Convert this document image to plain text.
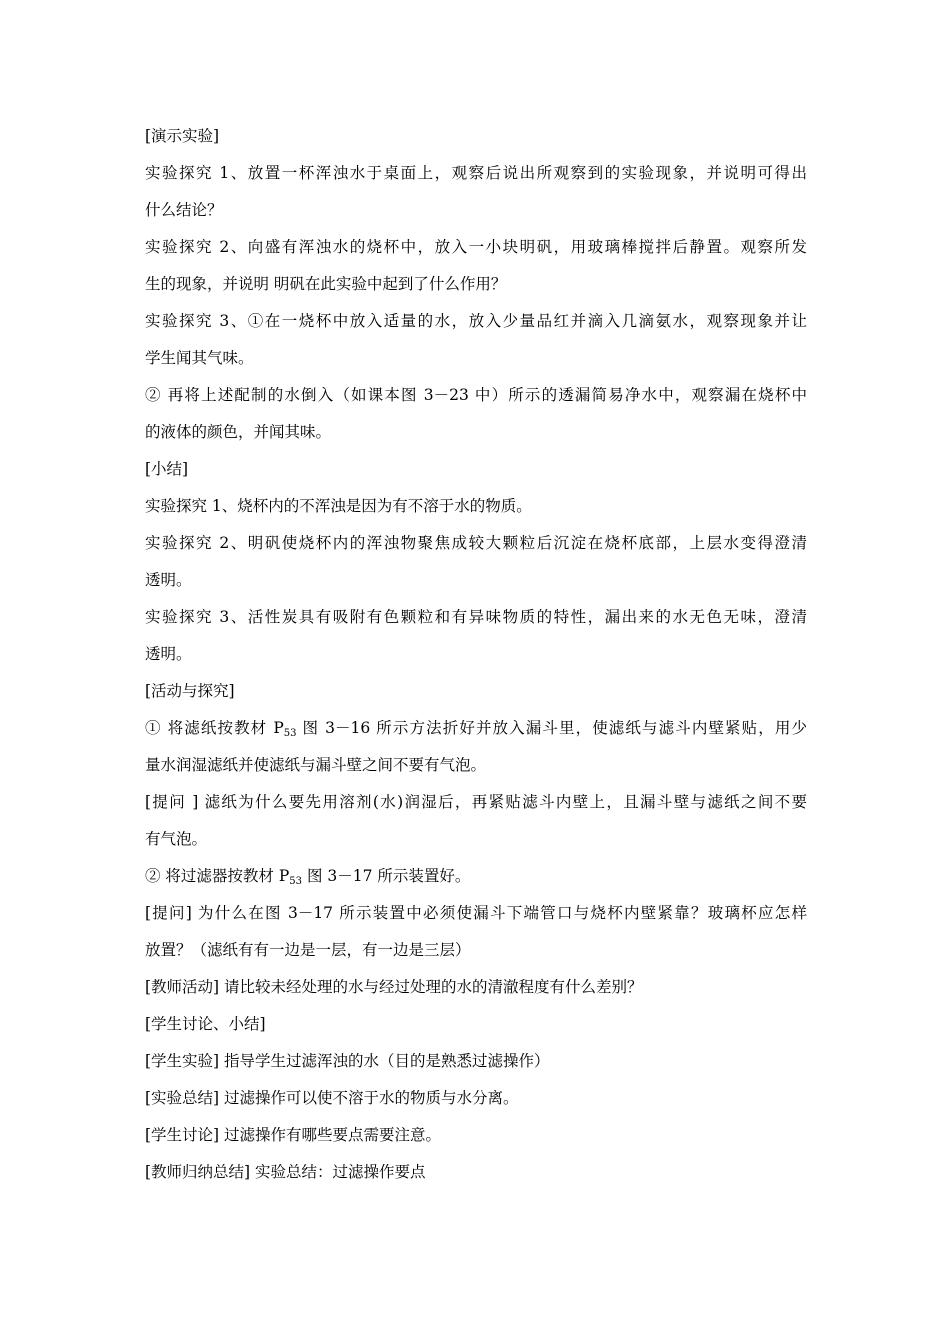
[演示实验]
实验探究 1、放置一杯浑浊水于桌面上，观察后说出所观察到的实验现象，并说明可得出
什么结论？
实验探究 2、向盛有浑浊水的烧杯中，放入一小块明矾，用玻璃棒搅拌后静置。观察所发
生的现象，并说明 明矾在此实验中起到了什么作用？
实验探究 3、①在一烧杯中放入适量的水，放入少量品红并滴入几滴氨水，观察现象并让
学生闻其气味。
② 再将上述配制的水倒入（如课本图 3－23 中）所示的透漏简易净水中，观察漏在烧杯中
的液体的颜色，并闻其味。
[小结]
实验探究 1、烧杯内的不浑浊是因为有不溶于水的物质。
实验探究 2、明矾使烧杯内的浑浊物聚焦成较大颗粒后沉淀在烧杯底部，上层水变得澄清
透明。
实验探究 3、活性炭具有吸附有色颗粒和有异味物质的特性，漏出来的水无色无味，澄清
透明。
[活动与探究]
① 将滤纸按教材 $P_{53}$ 图 3－16 所示方法折好并放入漏斗里，使滤纸与滤斗内壁紧贴，用少
量水润湿滤纸并使滤纸与漏斗壁之间不要有气泡。
[提问 ] 滤纸为什么要先用溶剂(水)润湿后，再紧贴滤斗内壁上，且漏斗壁与滤纸之间不要
有气泡。
② 将过滤器按教材 $P_{53}$ 图 3－17 所示装置好。
[提问] 为什么在图 3－17 所示装置中必须使漏斗下端管口与烧杯内壁紧靠？玻璃杯应怎样
放置？（滤纸有有一边是一层，有一边是三层）
[教师活动] 请比较未经处理的水与经过处理的水的清澈程度有什么差别？
[学生讨论、小结]
[学生实验] 指导学生过滤浑浊的水（目的是熟悉过滤操作）
[实验总结] 过滤操作可以使不溶于水的物质与水分离。
[学生讨论] 过滤操作有哪些要点需要注意。
[教师归纳总结] 实验总结：过滤操作要点
